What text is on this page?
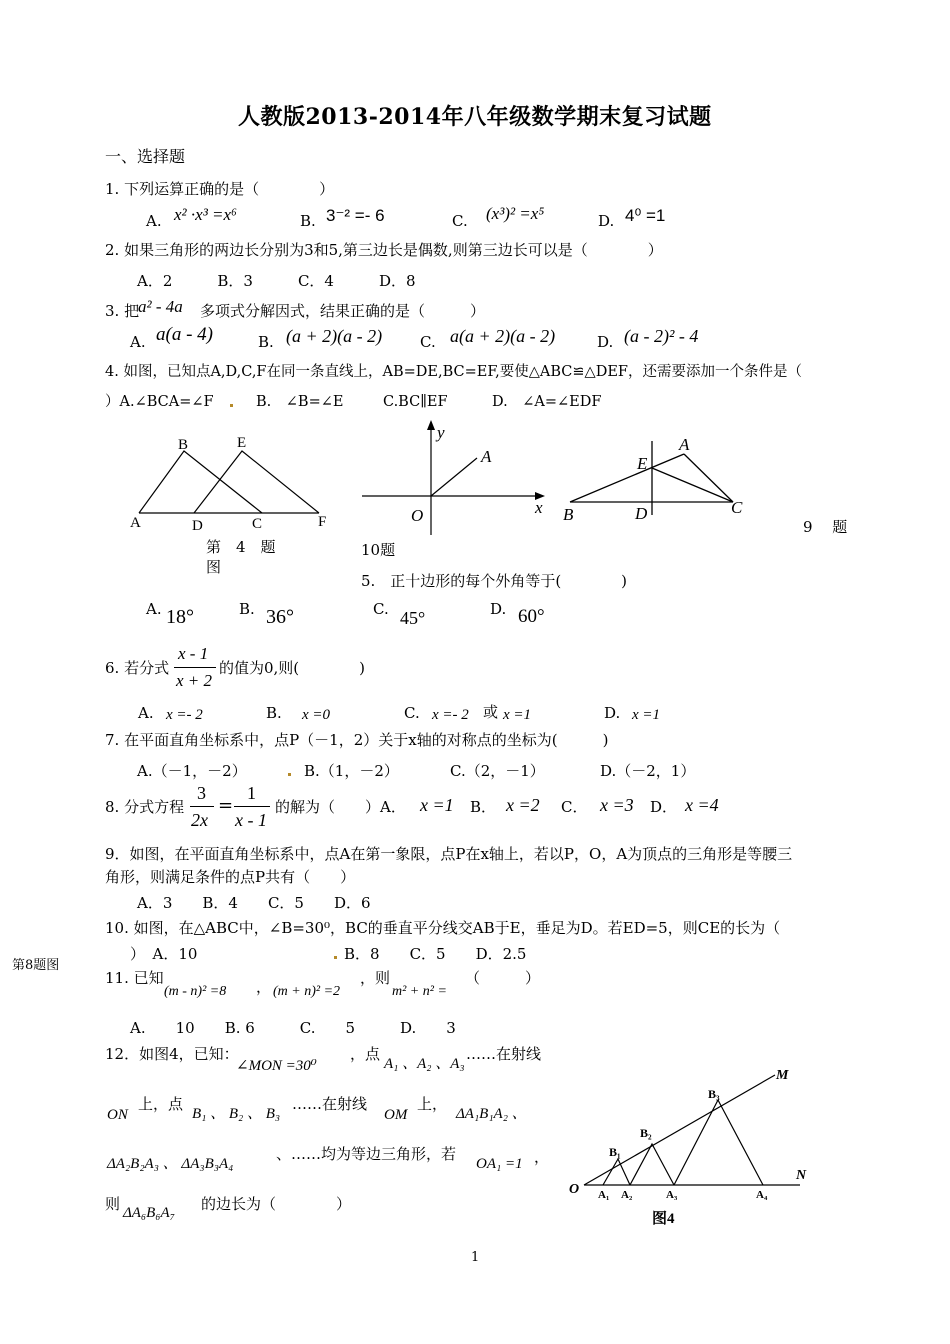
人教版2013-2014年八年级数学期末复习试题
一、选择题
1. 下列运算正确的是（　　　　）
A. x² ·x³ =x⁶	B. 3⁻² =- 6	C. (x³)² =x⁵	D. 4⁰ =1
2. 如果三角形的两边长分别为3和5,第三边长是偶数,则第三边长可以是（　　　　）
A．2　　　B．3　　　C．4　　　D．8
3. 把
a² - 4a 多项式分解因式，结果正确的是（　　　）
A. a(a - 4)	B. (a + 2)(a - 2)	C. a(a + 2)(a - 2)	D. (a - 2)² - 4
4. 如图，已知点A,D,C,F在同一条直线上，AB=DE,BC=EF,要使△ABC≌△DEF，还需要添加一个条件是（
）A.∠BCA=∠F	B.　∠B=∠E	C.BC∥EF	D.　∠A=∠EDF
B	E
A	D	C	F
第　4　题
图
y
A
O	x
10题
A
E
B	D	C
9　 题
5.　正十边形的每个外角等于(　　　　)
A. 18°	B. 36°	C. 45°	D. 60°
6. 若分式
x - 1
x + 2
的值为0,则(　　　　)
A. x =- 2	B. x =0	C. x =- 2 或 x =1	D. x =1
7. 在平面直角坐标系中，点P（－1，2）关于x轴的对称点的坐标为(　　　)
A.（－1，－2）	B.（1，－2）	C.（2，－1）	D.（－2，1）
8. 分式方程
3
2x
=
1
x - 1
的解为（　　）A． x =1 B． x =2 C． x =3 D． x =4
9．如图，在平面直角坐标系中，点A在第一象限，点P在x轴上，若以P，O，A为顶点的三角形是等腰三
角形，则满足条件的点P共有（　　）
A．3　　B．4　　C．5　　D．6
10. 如图，在△ABC中，∠B=30⁰，BC的垂直平分线交AB于E，垂足为D。若ED=5，则CE的长为（
）　A．10	B．8　　C．5　　D．2.5
第8题图
11. 已知
(m - n)² =8 ， (m + n)² =2
，则
m² + n² =
（　　　）
A.　　10　　B. 6　　　C.　　5　　　D.　　3
12．如图4，已知：
∠MON =30⁰
，点
A₁ 、A₂ 、A₃
……在射线
ON
上，点
B₁ 、 B₂ 、 B₃
……在射线
OM
上，
ΔA₁B₁A₂ 、
ΔA₂B₂A₃ 、 ΔA₃B₃A₄
、……均为等边三角形，若
OA₁ =1 ，
则 ΔA₆B₆A₇ 的边长为（　　　　）
M
N
O
B₁
B₂
B₃
A₁ A₂	A₃	A₄
图4
1
